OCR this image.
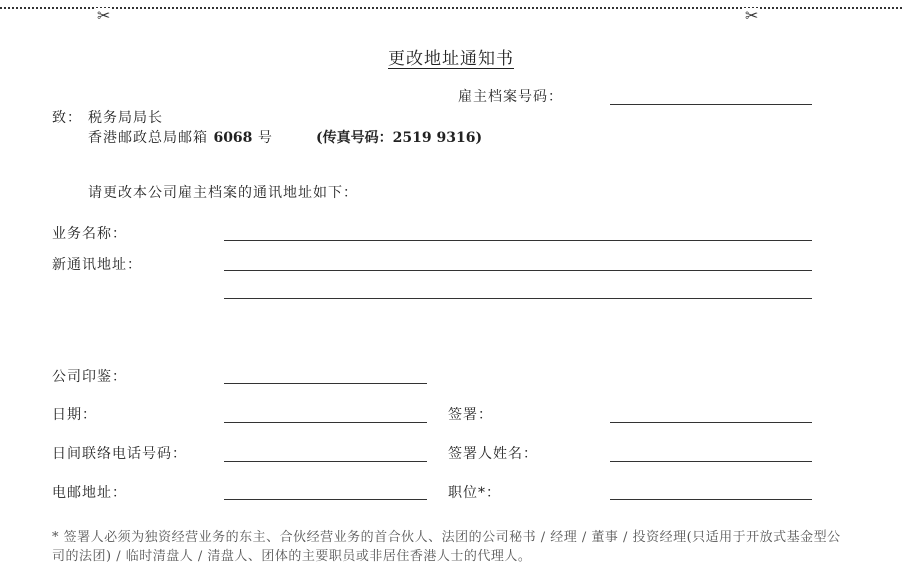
✂	✂
更改地址通知书
雇主档案号码：
致： 税务局局长
香港邮政总局邮箱 6068 号	(传真号码：2519 9316)
请更改本公司雇主档案的通讯地址如下：
业务名称：
新通讯地址：
公司印鉴：
日期：	签署：
日间联络电话号码：	签署人姓名：
电邮地址：	职位*：
* 签署人必须为独资经营业务的东主、合伙经营业务的首合伙人、法团的公司秘书 / 经理 / 董事 / 投资经理(只适用于开放式基金型公司的法团) / 临时清盘人 / 清盘人、团体的主要职员或非居住香港人士的代理人。
